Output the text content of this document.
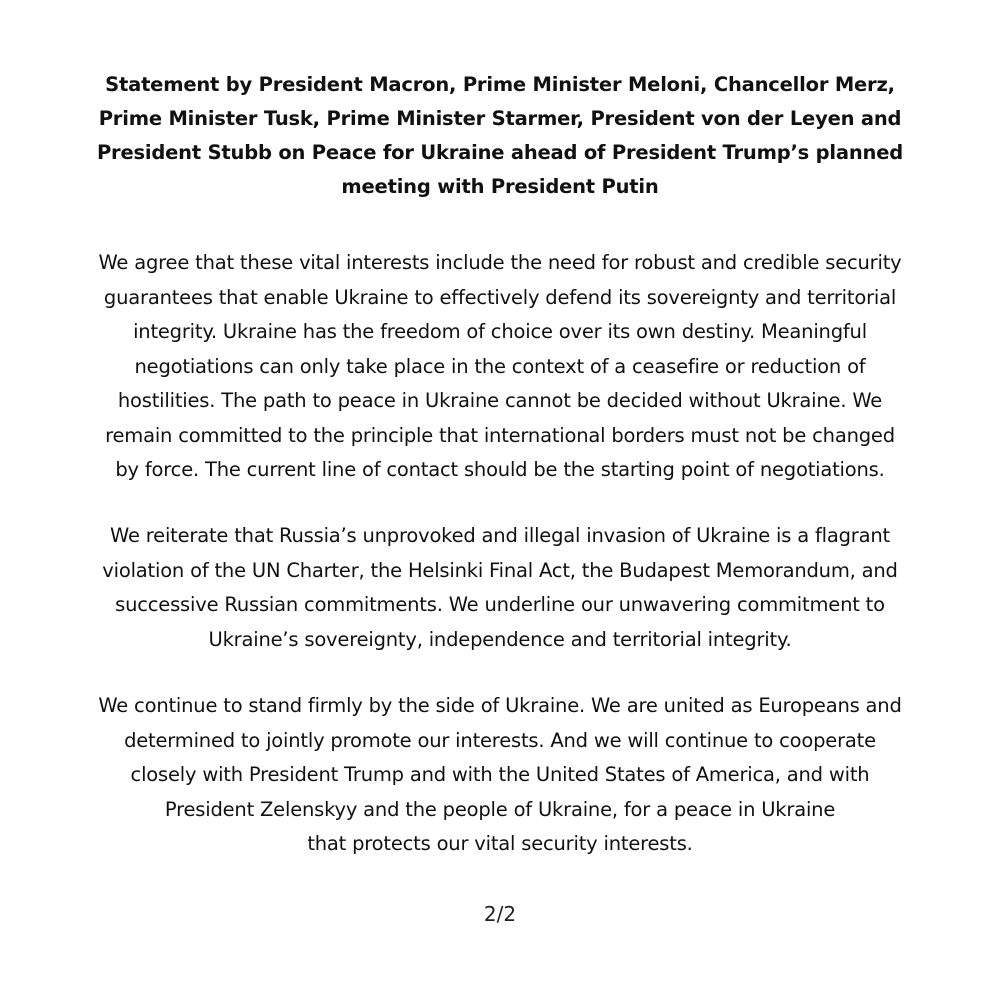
Statement by President Macron, Prime Minister Meloni, Chancellor Merz,
Prime Minister Tusk, Prime Minister Starmer, President von der Leyen and
President Stubb on Peace for Ukraine ahead of President Trump’s planned
meeting with President Putin
We agree that these vital interests include the need for robust and credible security
guarantees that enable Ukraine to effectively defend its sovereignty and territorial
integrity. Ukraine has the freedom of choice over its own destiny. Meaningful
negotiations can only take place in the context of a ceasefire or reduction of
hostilities. The path to peace in Ukraine cannot be decided without Ukraine. We
remain committed to the principle that international borders must not be changed
by force. The current line of contact should be the starting point of negotiations.
We reiterate that Russia’s unprovoked and illegal invasion of Ukraine is a flagrant
violation of the UN Charter, the Helsinki Final Act, the Budapest Memorandum, and
successive Russian commitments. We underline our unwavering commitment to
Ukraine’s sovereignty, independence and territorial integrity.
We continue to stand firmly by the side of Ukraine. We are united as Europeans and
determined to jointly promote our interests. And we will continue to cooperate
closely with President Trump and with the United States of America, and with
President Zelenskyy and the people of Ukraine, for a peace in Ukraine
that protects our vital security interests.
2/2
